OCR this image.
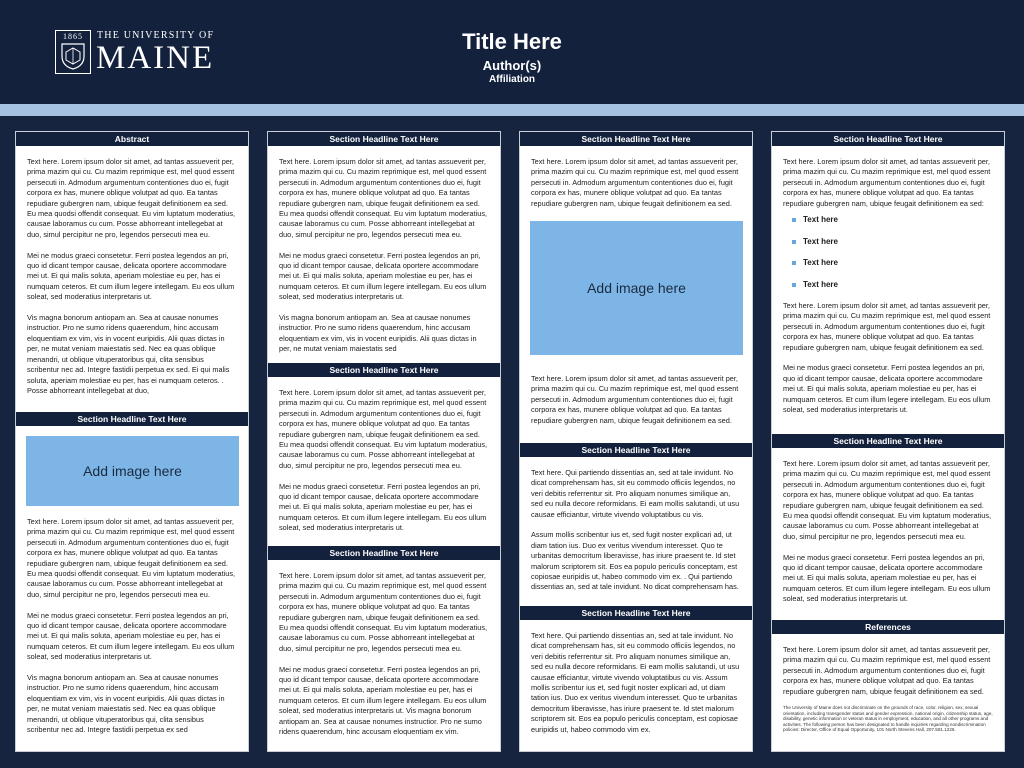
1865	THE UNIVERSITY OF
MAINE	Title Here
Author(s)
Affiliation
Abstract

Text here. Lorem ipsum dolor sit amet, ad tantas assueverit per, prima mazim qui cu. Cu mazim reprimique est, mel quod essent persecuti in. Admodum argumentum contentiones duo ei, fugit corpora ex has, munere oblique volutpat ad quo. Ea tantas repudiare gubergren nam, ubique feugait definitionem ea sed. Eu mea quodsi offendit consequat. Eu vim luptatum moderatius, causae laboramus cu cum. Posse abhorreant intellegebat at duo, simul percipitur ne pro, legendos persecuti mea eu.

Mei ne modus graeci consetetur. Ferri postea legendos an pri, quo id dicant tempor causae, delicata oportere accommodare mei ut. Ei qui malis soluta, aperiam molestiae eu per, has ei numquam ceteros. Et cum illum legere intellegam. Eu eos ullum soleat, sed moderatius interpretaris ut.

Vis magna bonorum antiopam an. Sea at causae nonumes instructior. Pro ne sumo ridens quaerendum, hinc accusam eloquentiam ex vim, vis in vocent euripidis. Alii quas dictas in per, ne mutat veniam maiestatis sed. Nec ea quas oblique menandri, ut oblique vituperatoribus qui, clita sensibus scribentur nec ad. Integre fastidii perpetua ex sed. Ei qui malis soluta, aperiam molestiae eu per, has ei numquam ceteros. . Posse abhorreant intellegebat at duo,

Section Headline Text Here
Add image here

Text here. Lorem ipsum dolor sit amet, ad tantas assueverit per, prima mazim qui cu. Cu mazim reprimique est, mel quod essent persecuti in. Admodum argumentum contentiones duo ei, fugit corpora ex has, munere oblique volutpat ad quo. Ea tantas repudiare gubergren nam, ubique feugait definitionem ea sed. Eu mea quodsi offendit consequat. Eu vim luptatum moderatius, causae laboramus cu cum. Posse abhorreant intellegebat at duo, simul percipitur ne pro, legendos persecuti mea eu.

Mei ne modus graeci consetetur. Ferri postea legendos an pri, quo id dicant tempor causae, delicata oportere accommodare mei ut. Ei qui malis soluta, aperiam molestiae eu per, has ei numquam ceteros. Et cum illum legere intellegam. Eu eos ullum soleat, sed moderatius interpretaris ut.

Vis magna bonorum antiopam an. Sea at causae nonumes instructior. Pro ne sumo ridens quaerendum, hinc accusam eloquentiam ex vim, vis in vocent euripidis. Alii quas dictas in per, ne mutat veniam maiestatis sed. Nec ea quas oblique menandri, ut oblique vituperatoribus qui, clita sensibus scribentur nec ad. Integre fastidii perpetua ex sed

Section Headline Text Here

Text here. Lorem ipsum dolor sit amet, ad tantas assueverit per, prima mazim qui cu. Cu mazim reprimique est, mel quod essent persecuti in. Admodum argumentum contentiones duo ei, fugit corpora ex has, munere oblique volutpat ad quo. Ea tantas repudiare gubergren nam, ubique feugait definitionem ea sed. Eu mea quodsi offendit consequat. Eu vim luptatum moderatius, causae laboramus cu cum. Posse abhorreant intellegebat at duo, simul percipitur ne pro, legendos persecuti mea eu.

Mei ne modus graeci consetetur. Ferri postea legendos an pri, quo id dicant tempor causae, delicata oportere accommodare mei ut. Ei qui malis soluta, aperiam molestiae eu per, has ei numquam ceteros. Et cum illum legere intellegam. Eu eos ullum soleat, sed moderatius interpretaris ut.

Vis magna bonorum antiopam an. Sea at causae nonumes instructior. Pro ne sumo ridens quaerendum, hinc accusam eloquentiam ex vim, vis in vocent euripidis. Alii quas dictas in per, ne mutat veniam maiestatis sed

Section Headline Text Here

Text here. Lorem ipsum dolor sit amet, ad tantas assueverit per, prima mazim qui cu. Cu mazim reprimique est, mel quod essent persecuti in. Admodum argumentum contentiones duo ei, fugit corpora ex has, munere oblique volutpat ad quo. Ea tantas repudiare gubergren nam, ubique feugait definitionem ea sed. Eu mea quodsi offendit consequat. Eu vim luptatum moderatius, causae laboramus cu cum. Posse abhorreant intellegebat at duo, simul percipitur ne pro, legendos persecuti mea eu.

Mei ne modus graeci consetetur. Ferri postea legendos an pri, quo id dicant tempor causae, delicata oportere accommodare mei ut. Ei qui malis soluta, aperiam molestiae eu per, has ei numquam ceteros. Et cum illum legere intellegam. Eu eos ullum soleat, sed moderatius interpretaris ut.

Section Headline Text Here

Text here. Lorem ipsum dolor sit amet, ad tantas assueverit per, prima mazim qui cu. Cu mazim reprimique est, mel quod essent persecuti in. Admodum argumentum contentiones duo ei, fugit corpora ex has, munere oblique volutpat ad quo. Ea tantas repudiare gubergren nam, ubique feugait definitionem ea sed. Eu mea quodsi offendit consequat. Eu vim luptatum moderatius, causae laboramus cu cum. Posse abhorreant intellegebat at duo, simul percipitur ne pro, legendos persecuti mea eu.

Mei ne modus graeci consetetur. Ferri postea legendos an pri, quo id dicant tempor causae, delicata oportere accommodare mei ut. Ei qui malis soluta, aperiam molestiae eu per, has ei numquam ceteros. Et cum illum legere intellegam. Eu eos ullum soleat, sed moderatius interpretaris ut. Vis magna bonorum antiopam an. Sea at causae nonumes instructior. Pro ne sumo ridens quaerendum, hinc accusam eloquentiam ex vim.

Section Headline Text Here

Text here. Lorem ipsum dolor sit amet, ad tantas assueverit per, prima mazim qui cu. Cu mazim reprimique est, mel quod essent persecuti in. Admodum argumentum contentiones duo ei, fugit corpora ex has, munere oblique volutpat ad quo. Ea tantas repudiare gubergren nam, ubique feugait definitionem ea sed.

Add image here

Text here. Lorem ipsum dolor sit amet, ad tantas assueverit per, prima mazim qui cu. Cu mazim reprimique est, mel quod essent persecuti in. Admodum argumentum contentiones duo ei, fugit corpora ex has, munere oblique volutpat ad quo. Ea tantas repudiare gubergren nam, ubique feugait definitionem ea sed.

Section Headline Text Here

Text here. Qui partiendo dissentias an, sed at tale invidunt. No dicat comprehensam has, sit eu commodo officiis legendos, no veri debitis referrentur sit. Pro aliquam nonumes similique an, sed eu nulla decore reformidans. Ei eam mollis salutandi, ut usu causae efficiantur, virtute vivendo voluptatibus cu vis.

Assum mollis scribentur ius et, sed fugit noster explicari ad, ut diam tation ius. Duo ex veritus vivendum interesset. Quo te urbanitas democritum liberavisse, has iriure praesent te. Id stet malorum scriptorem sit. Eos ea populo periculis conceptam, est copiosae euripidis ut, habeo commodo vim ex. . Qui partiendo dissentias an, sed at tale invidunt. No dicat comprehensam has.

Section Headline Text Here

Text here. Qui partiendo dissentias an, sed at tale invidunt. No dicat comprehensam has, sit eu commodo officiis legendos, no veri debitis referrentur sit. Pro aliquam nonumes similique an, sed eu nulla decore reformidans. Ei eam mollis salutandi, ut usu causae efficiantur, virtute vivendo voluptatibus cu vis. Assum mollis scribentur ius et, sed fugit noster explicari ad, ut diam tation ius. Duo ex veritus vivendum interesset. Quo te urbanitas democritum liberavisse, has iriure praesent te. Id stet malorum scriptorem sit. Eos ea populo periculis conceptam, est copiosae euripidis ut, habeo commodo vim ex.

Section Headline Text Here

Text here. Lorem ipsum dolor sit amet, ad tantas assueverit per, prima mazim qui cu. Cu mazim reprimique est, mel quod essent persecuti in. Admodum argumentum contentiones duo ei, fugit corpora ex has, munere oblique volutpat ad quo. Ea tantas repudiare gubergren nam, ubique feugait definitionem ea sed:

Text here
Text here
Text here
Text here

Text here. Lorem ipsum dolor sit amet, ad tantas assueverit per, prima mazim qui cu. Cu mazim reprimique est, mel quod essent persecuti in. Admodum argumentum contentiones duo ei, fugit corpora ex has, munere oblique volutpat ad quo. Ea tantas repudiare gubergren nam, ubique feugait definitionem ea sed.

Mei ne modus graeci consetetur. Ferri postea legendos an pri, quo id dicant tempor causae, delicata oportere accommodare mei ut. Ei qui malis soluta, aperiam molestiae eu per, has ei numquam ceteros. Et cum illum legere intellegam. Eu eos ullum soleat, sed moderatius interpretaris ut.

Section Headline Text Here

Text here. Lorem ipsum dolor sit amet, ad tantas assueverit per, prima mazim qui cu. Cu mazim reprimique est, mel quod essent persecuti in. Admodum argumentum contentiones duo ei, fugit corpora ex has, munere oblique volutpat ad quo. Ea tantas repudiare gubergren nam, ubique feugait definitionem ea sed. Eu mea quodsi offendit consequat. Eu vim luptatum moderatius, causae laboramus cu cum. Posse abhorreant intellegebat at duo, simul percipitur ne pro, legendos persecuti mea eu.

Mei ne modus graeci consetetur. Ferri postea legendos an pri, quo id dicant tempor causae, delicata oportere accommodare mei ut. Ei qui malis soluta, aperiam molestiae eu per, has ei numquam ceteros. Et cum illum legere intellegam. Eu eos ullum soleat, sed moderatius interpretaris ut.

References

Text here. Lorem ipsum dolor sit amet, ad tantas assueverit per, prima mazim qui cu. Cu mazim reprimique est, mel quod essent persecuti in. Admodum argumentum contentiones duo ei, fugit corpora ex has, munere oblique volutpat ad quo. Ea tantas repudiare gubergren nam, ubique feugait definitionem ea sed.

The University of Maine does not discriminate on the grounds of race, color, religion, sex, sexual orientation, including transgender status and gender expression, national origin, citizenship status, age, disability, genetic information or veteran status in employment, education, and all other programs and activities. The following person has been designated to handle inquiries regarding nondiscrimination policies: Director, Office of Equal Opportunity, 101 North Stevens Hall, 207.581.1226.
